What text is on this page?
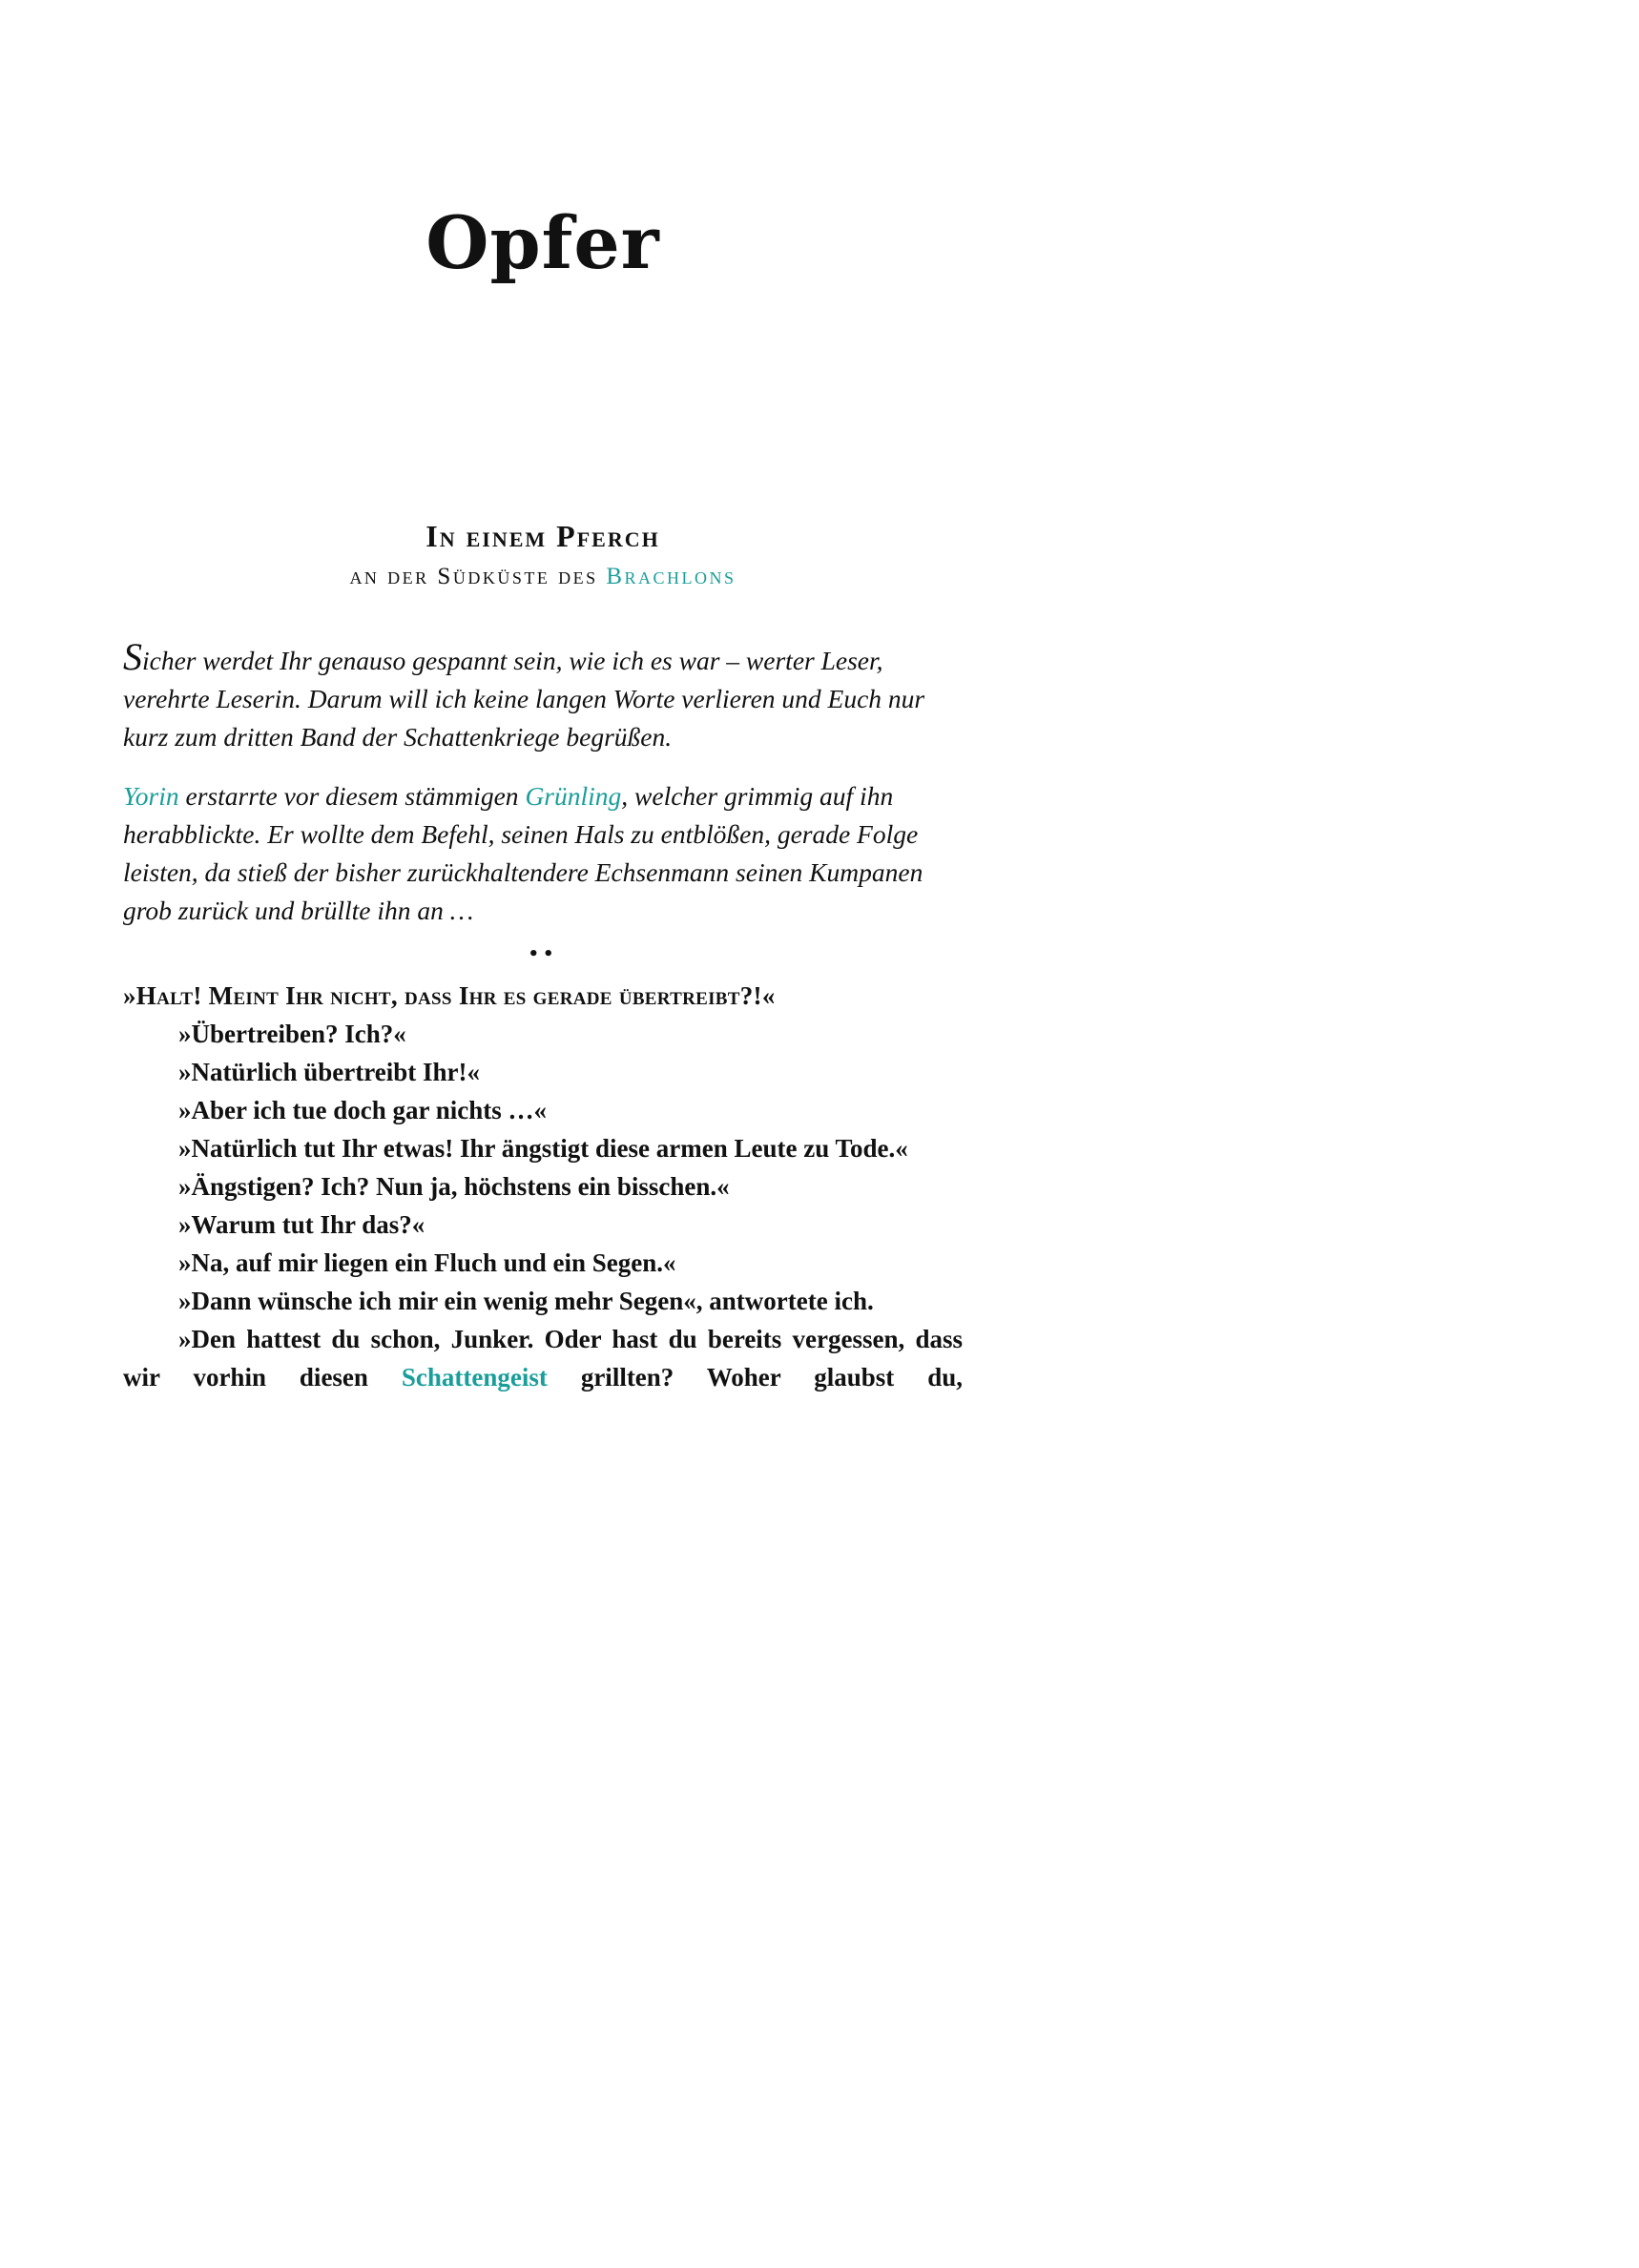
Opfer
In einem Pferch
an der Südküste des Brachlons

Sicher werdet Ihr genauso gespannt sein, wie ich es war – werter Leser, verehrte Leserin. Darum will ich keine langen Worte verlieren und Euch nur kurz zum dritten Band der Schattenkriege begrüßen.

Yorin erstarrte vor diesem stämmigen Grünling, welcher grimmig auf ihn herabblickte. Er wollte dem Befehl, seinen Hals zu entblößen, gerade Folge leisten, da stieß der bisher zurückhaltendere Echsenmann seinen Kumpanen grob zurück und brüllte ihn an …

••

»Halt! Meint Ihr nicht, dass Ihr es gerade übertreibt?!«

»Übertreiben? Ich?«

»Natürlich übertreibt Ihr!«

»Aber ich tue doch gar nichts …«

»Natürlich tut Ihr etwas! Ihr ängstigt diese armen Leute zu Tode.«

»Ängstigen? Ich? Nun ja, höchstens ein bisschen.«

»Warum tut Ihr das?«

»Na, auf mir liegen ein Fluch und ein Segen.«

»Dann wünsche ich mir ein wenig mehr Segen«, antwortete ich.

»Den hattest du schon, Junker. Oder hast du bereits vergessen, dass wir vorhin diesen Schattengeist grillten? Woher glaubst du,
